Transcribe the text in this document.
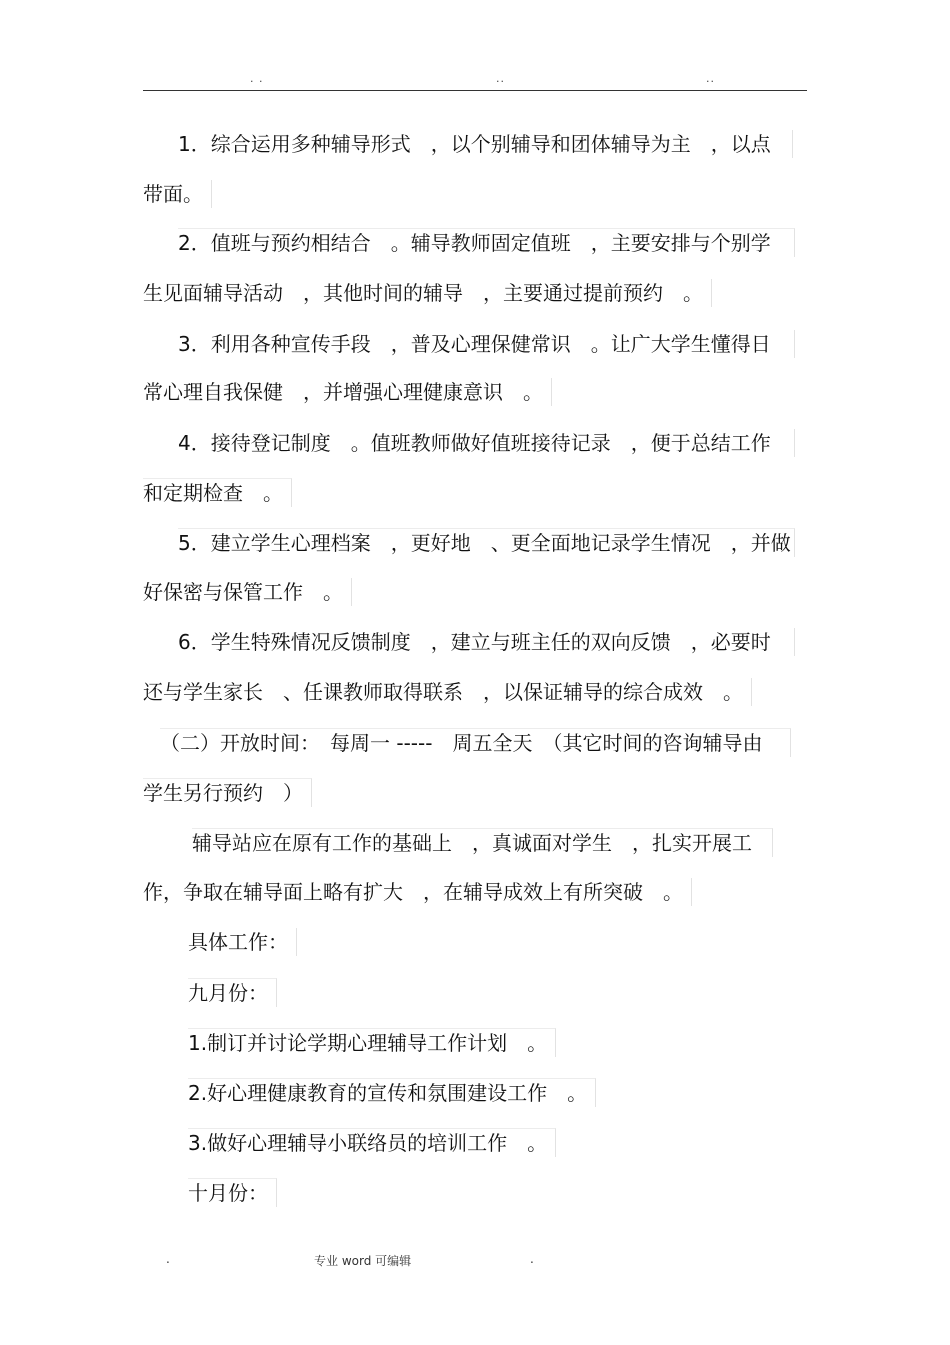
. .	..	..
1．综合运用多种辅导形式　，以个别辅导和团体辅导为主　，以点
带面。
2．值班与预约相结合　。辅导教师固定值班　，主要安排与个别学
生见面辅导活动　，其他时间的辅导　，主要通过提前预约　。
3．利用各种宣传手段　，普及心理保健常识　。让广大学生懂得日
常心理自我保健　，并增强心理健康意识　。
4．接待登记制度　。值班教师做好值班接待记录　，便于总结工作
和定期检查　。
5．建立学生心理档案　，更好地　、更全面地记录学生情况　，并做
好保密与保管工作　。
6．学生特殊情况反馈制度　，建立与班主任的双向反馈　，必要时
还与学生家长　、任课教师取得联系　，以保证辅导的综合成效　。
（二）开放时间：　每周一 -----　周五全天　（其它时间的咨询辅导由
学生另行预约　）
辅导站应在原有工作的基础上　，真诚面对学生　，扎实开展工
作，争取在辅导面上略有扩大　，在辅导成效上有所突破　。
具体工作：
九月份：
1.制订并讨论学期心理辅导工作计划　。
2.好心理健康教育的宣传和氛围建设工作　。
3.做好心理辅导小联络员的培训工作　。
十月份：
.	专业 word 可编辑	.
